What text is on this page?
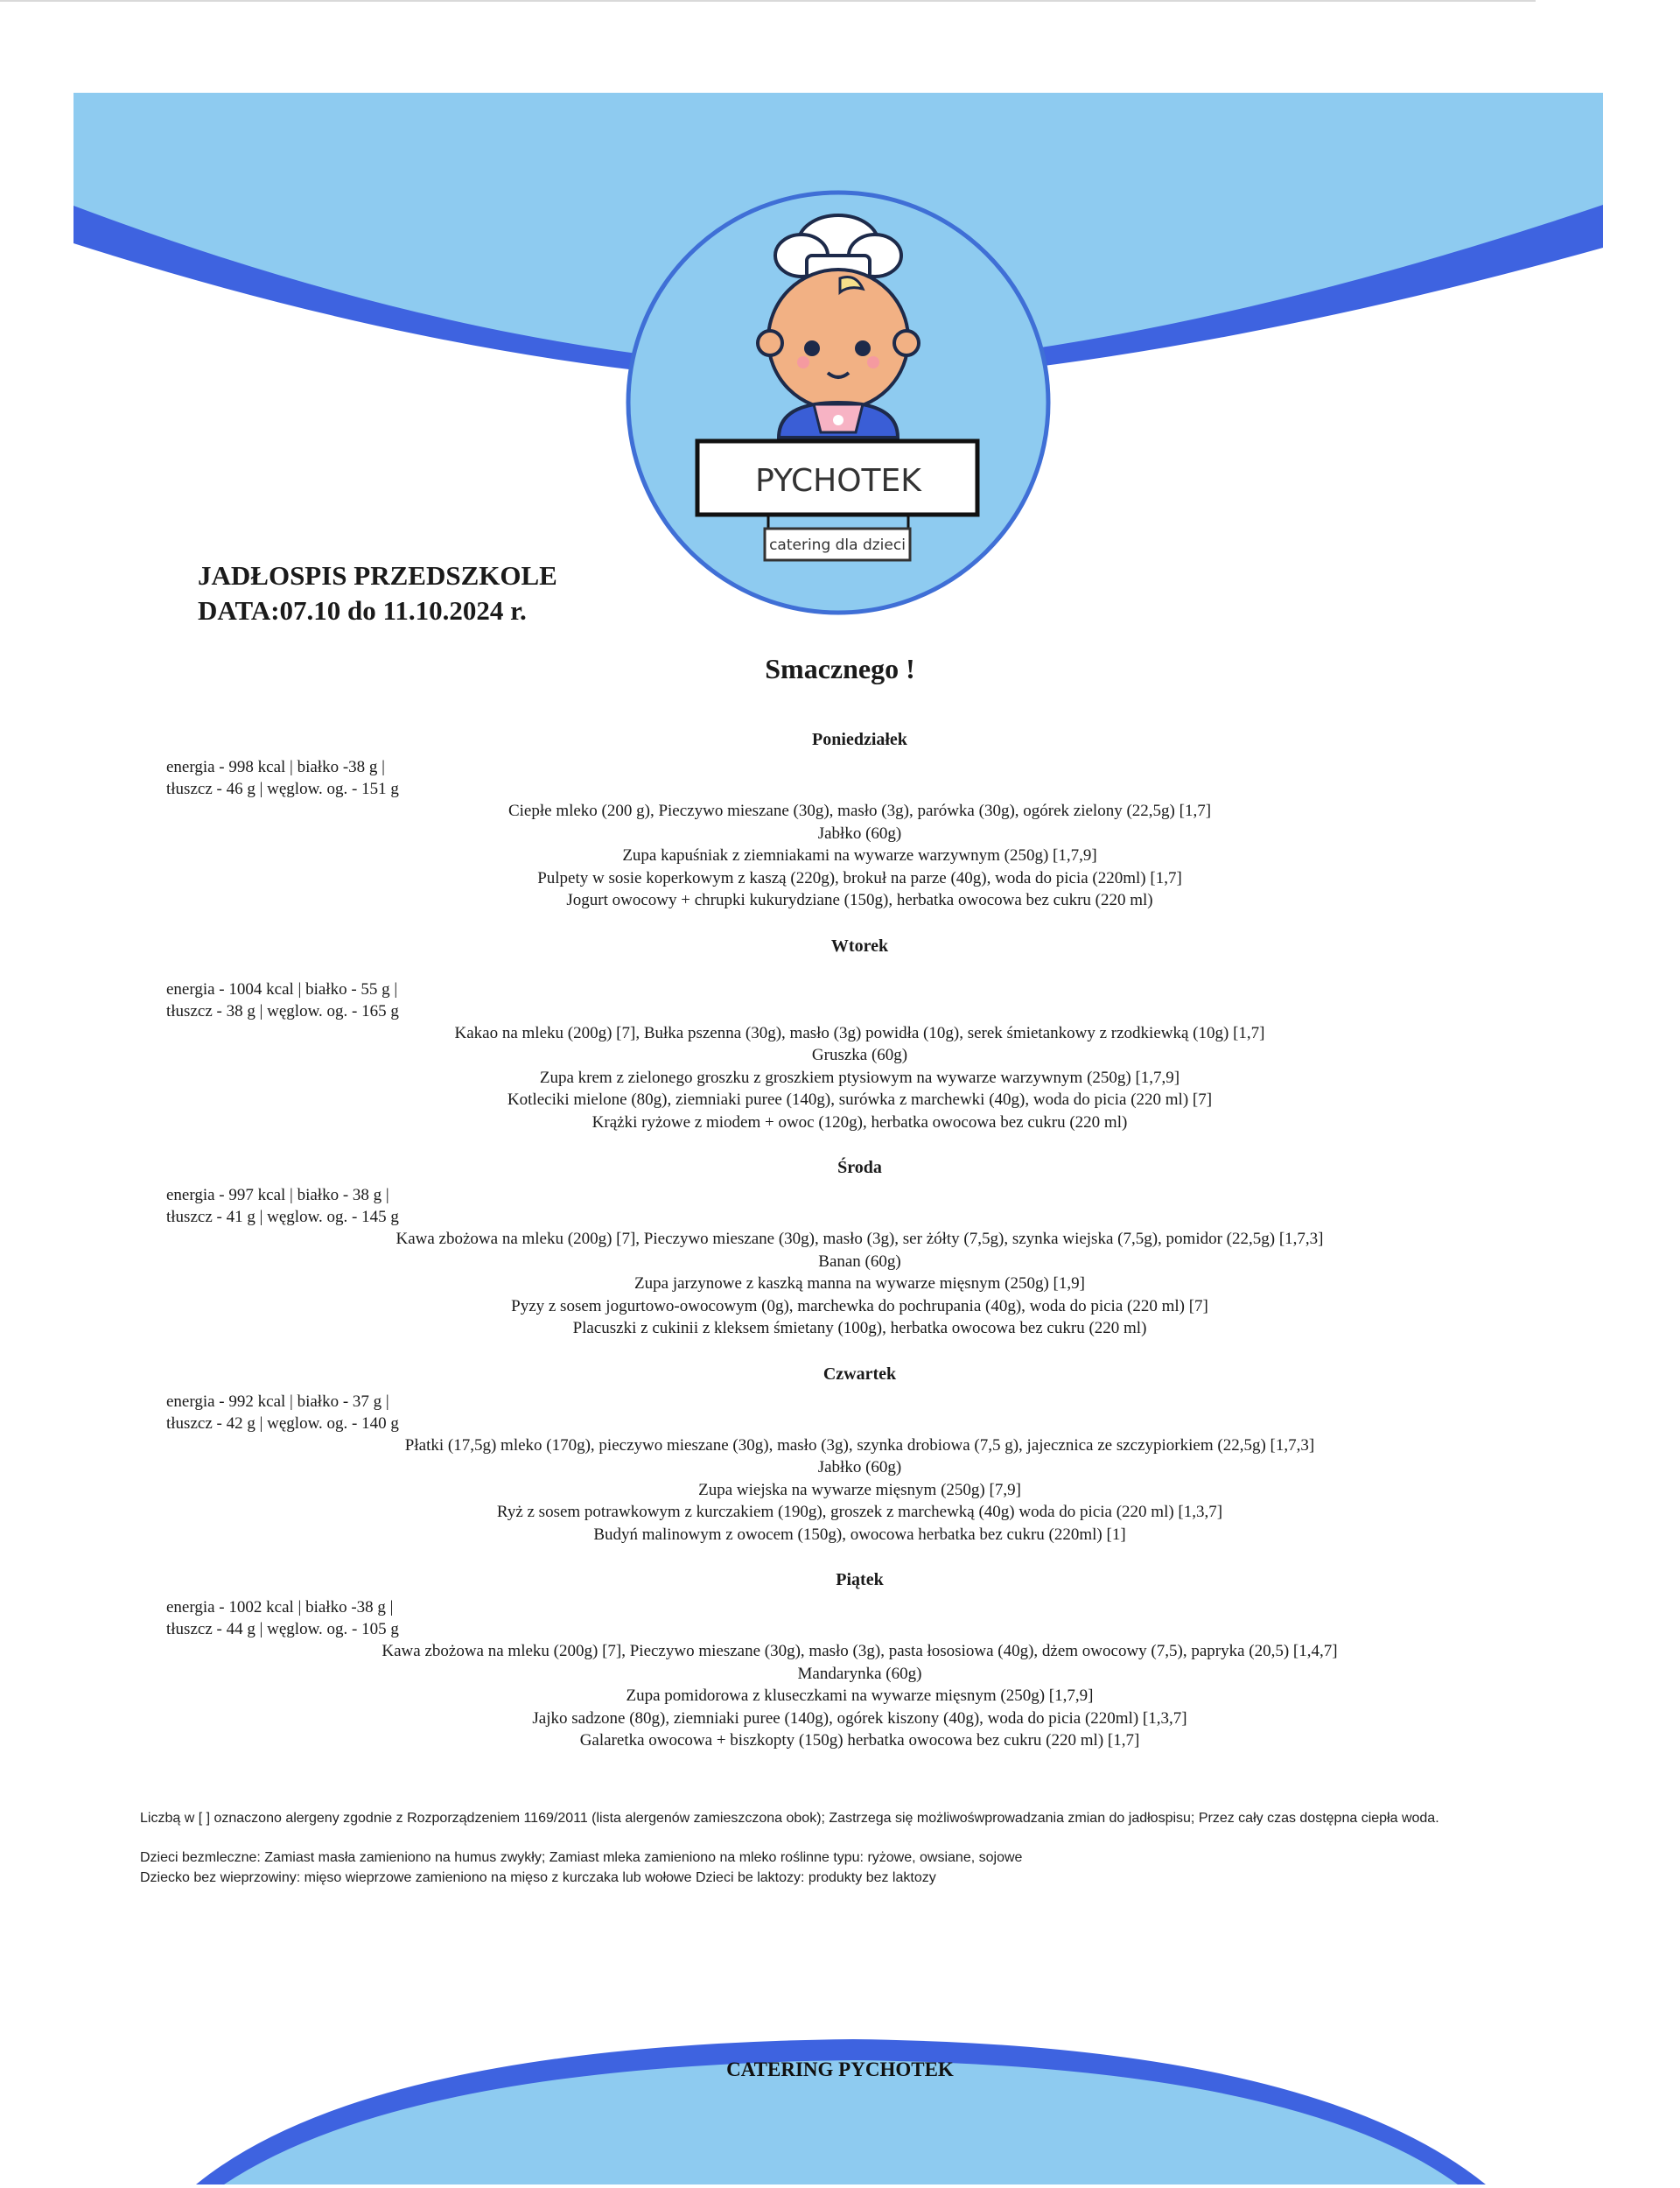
PYCHOTEK
catering dla dzieci
JADŁOSPIS PRZEDSZKOLE
DATA:07.10 do 11.10.2024 r.
Smacznego !
Poniedziałek
energia - 998 kcal | białko -38 g |
tłuszcz - 46 g | węglow. og. - 151 g
Ciepłe mleko (200 g), Pieczywo mieszane (30g), masło (3g), parówka (30g), ogórek zielony (22,5g) [1,7]
Jabłko (60g)
Zupa kapuśniak z ziemniakami na wywarze warzywnym (250g) [1,7,9]
Pulpety w sosie koperkowym z kaszą (220g), brokuł na parze (40g), woda do picia (220ml) [1,7]
Jogurt owocowy + chrupki kukurydziane (150g), herbatka owocowa bez cukru (220 ml)
Wtorek
energia - 1004 kcal | białko - 55 g |
tłuszcz - 38 g | węglow. og. - 165 g
Kakao na mleku (200g) [7], Bułka pszenna (30g), masło (3g) powidła (10g), serek śmietankowy z rzodkiewką (10g) [1,7]
Gruszka (60g)
Zupa krem z zielonego groszku z groszkiem ptysiowym na wywarze warzywnym (250g) [1,7,9]
Kotleciki mielone (80g), ziemniaki puree (140g), surówka z marchewki (40g), woda do picia (220 ml) [7]
Krążki ryżowe z miodem + owoc (120g), herbatka owocowa bez cukru (220 ml)
Środa
energia - 997 kcal | białko - 38 g |
tłuszcz - 41 g | węglow. og. - 145 g
Kawa zbożowa na mleku (200g) [7], Pieczywo mieszane (30g), masło (3g), ser żółty (7,5g), szynka wiejska (7,5g), pomidor (22,5g) [1,7,3]
Banan (60g)
Zupa jarzynowe z kaszką manna na wywarze mięsnym (250g) [1,9]
Pyzy z sosem jogurtowo-owocowym (0g), marchewka do pochrupania (40g), woda do picia (220 ml) [7]
Placuszki z cukinii z kleksem śmietany (100g), herbatka owocowa bez cukru (220 ml)
Czwartek
energia - 992 kcal | białko - 37 g |
tłuszcz - 42 g | węglow. og. - 140 g
Płatki (17,5g) mleko (170g), pieczywo mieszane (30g), masło (3g), szynka drobiowa (7,5 g), jajecznica ze szczypiorkiem (22,5g) [1,7,3]
Jabłko (60g)
Zupa wiejska na wywarze mięsnym (250g) [7,9]
Ryż z sosem potrawkowym z kurczakiem (190g), groszek z marchewką (40g) woda do picia (220 ml) [1,3,7]
Budyń malinowym z owocem (150g), owocowa herbatka bez cukru (220ml) [1]
Piątek
energia - 1002 kcal | białko -38 g |
tłuszcz - 44 g | węglow. og. - 105 g
Kawa zbożowa na mleku (200g) [7], Pieczywo mieszane (30g), masło (3g), pasta łososiowa (40g), dżem owocowy (7,5), papryka (20,5) [1,4,7]
Mandarynka (60g)
Zupa pomidorowa z kluseczkami na wywarze mięsnym (250g) [1,7,9]
Jajko sadzone (80g), ziemniaki puree (140g), ogórek kiszony (40g), woda do picia (220ml) [1,3,7]
Galaretka owocowa + biszkopty (150g) herbatka owocowa bez cukru (220 ml) [1,7]

Liczbą w [ ] oznaczono alergeny zgodnie z Rozporządzeniem 1169/2011 (lista alergenów zamieszczona obok); Zastrzega się możliwośwprowadzania zmian do jadłospisu; Przez cały czas dostępna ciepła woda.

Dzieci bezmleczne: Zamiast masła zamieniono na humus zwykły; Zamiast mleka zamieniono na mleko roślinne typu: ryżowe, owsiane, sojowe

Dziecko bez wieprzowiny: mięso wieprzowe zamieniono na mięso z kurczaka lub wołowe Dzieci be laktozy: produkty bez laktozy

CATERING PYCHOTEK
